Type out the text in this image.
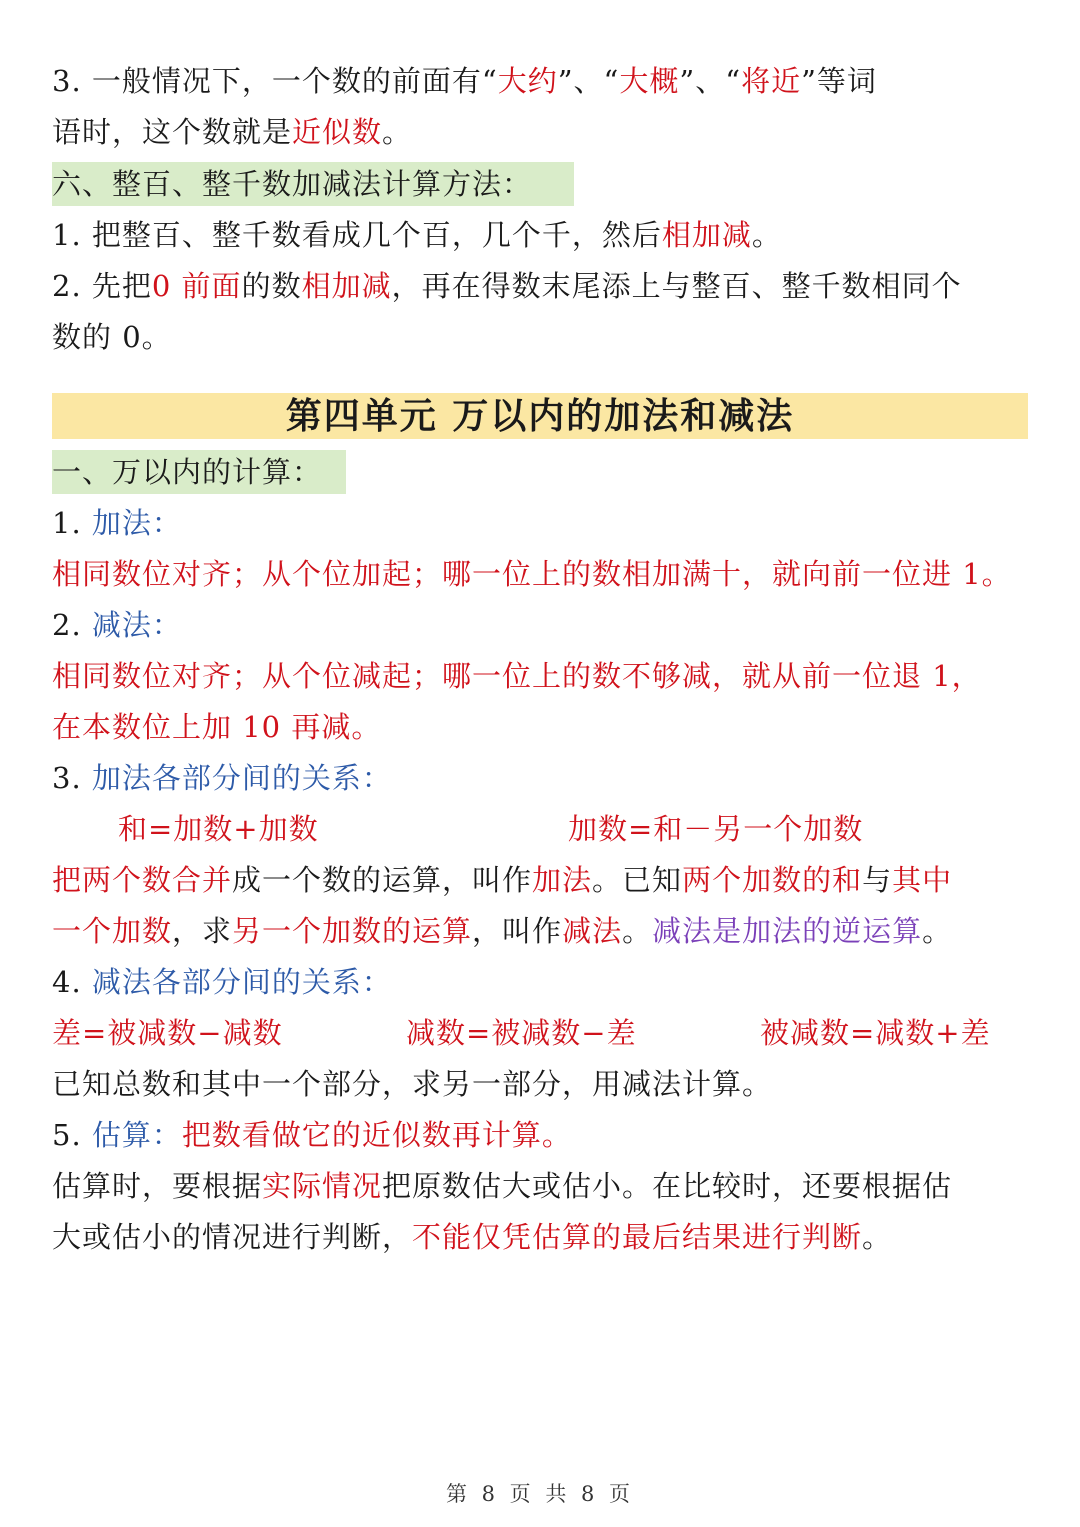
3. 一般情况下，一个数的前面有“大约”、“大概”、“将近”等词
语时，这个数就是近似数。
六、整百、整千数加减法计算方法：
1. 把整百、整千数看成几个百，几个千，然后相加减。
2. 先把0 前面的数相加减，再在得数末尾添上与整百、整千数相同个
数的 0。
第四单元 万以内的加法和减法
一、万以内的计算：
1. 加法：
相同数位对齐；从个位加起；哪一位上的数相加满十，就向前一位进 1。
2. 减法：
相同数位对齐；从个位减起；哪一位上的数不够减，就从前一位退 1，
在本数位上加 10 再减。
3. 加法各部分间的关系：
和=加数+加数	加数=和－另一个加数
把两个数合并成一个数的运算，叫作加法。已知两个加数的和与其中
一个加数，求另一个加数的运算，叫作减法。减法是加法的逆运算。
4. 减法各部分间的关系：
差=被减数−减数	减数=被减数−差	被减数=减数+差
已知总数和其中一个部分，求另一部分，用减法计算。
5. 估算：把数看做它的近似数再计算。
估算时，要根据实际情况把原数估大或估小。在比较时，还要根据估
大或估小的情况进行判断，不能仅凭估算的最后结果进行判断。
第 8 页 共 8 页
